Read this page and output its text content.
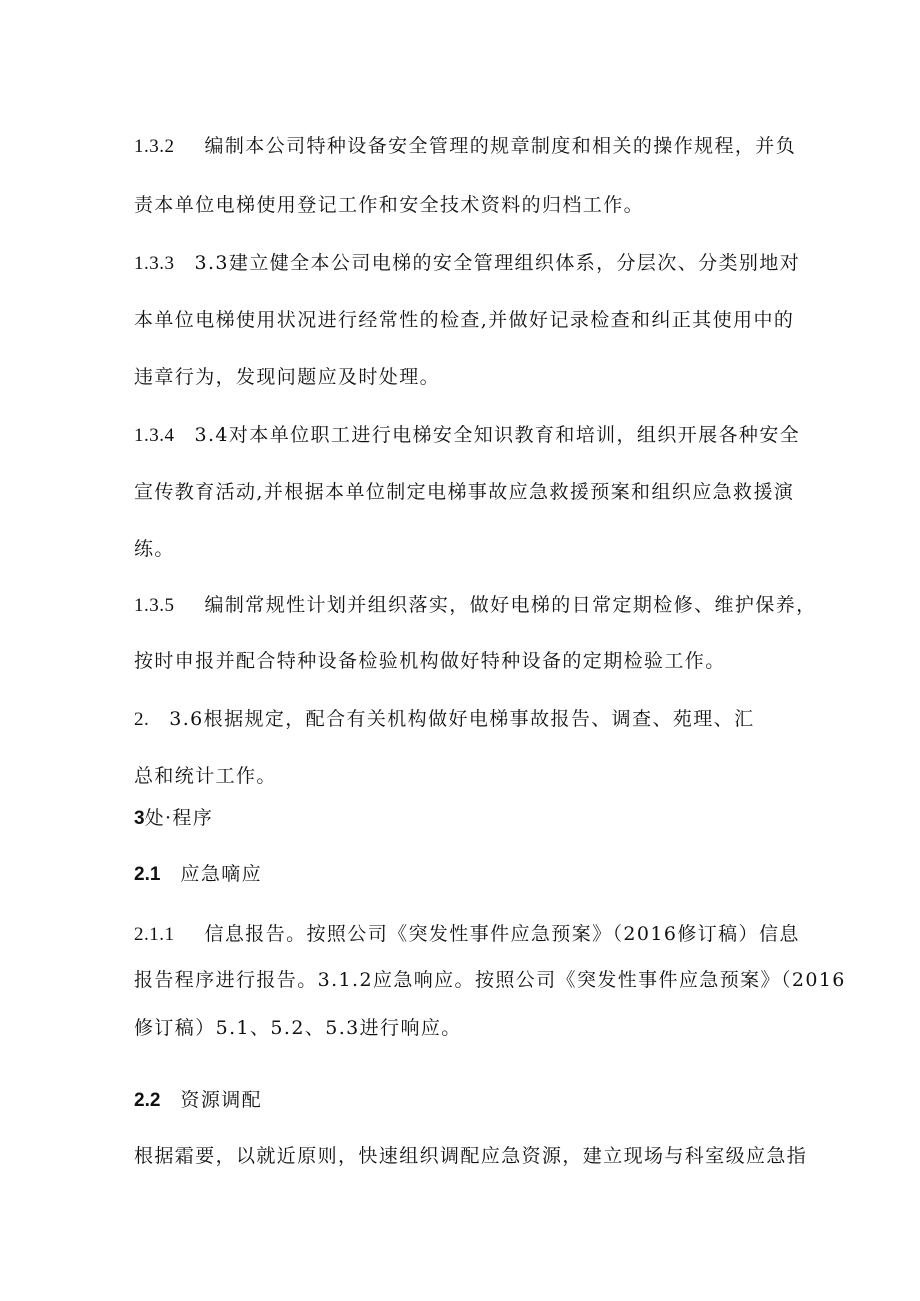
1.3.2 编制本公司特种设备安全管理的规章制度和相关的操作规程，并负

责本单位电梯使用登记工作和安全技术资料的归档工作。

1.3.3 3.3建立健全本公司电梯的安全管理组织体系，分层次、分类别地对

本单位电梯使用状况进行经常性的检查,并做好记录检查和纠正其使用中的

违章行为，发现问题应及时处理。

1.3.4 3.4对本单位职工进行电梯安全知识教育和培训，组织开展各种安全

宣传教育活动,并根据本单位制定电梯事故应急救援预案和组织应急救援演

练。

1.3.5 编制常规性计划并组织落实，做好电梯的日常定期检修、维护保养，

按时申报并配合特种设备检验机构做好特种设备的定期检验工作。

2. 3.6根据规定，配合有关机构做好电梯事故报告、调查、苑理、汇

总和统计工作。

3处·程序

2.1 应急嘀应

2.1.1 信息报告。按照公司《突发性事件应急预案》（2016修订稿）信息

报告程序进行报告。3.1.2应急响应。按照公司《突发性事件应急预案》（2016

修订稿）5.1、5.2、5.3进行响应。

2.2 资源调配

根据霜要，以就近原则，快速组织调配应急资源，建立现场与科室级应急指
